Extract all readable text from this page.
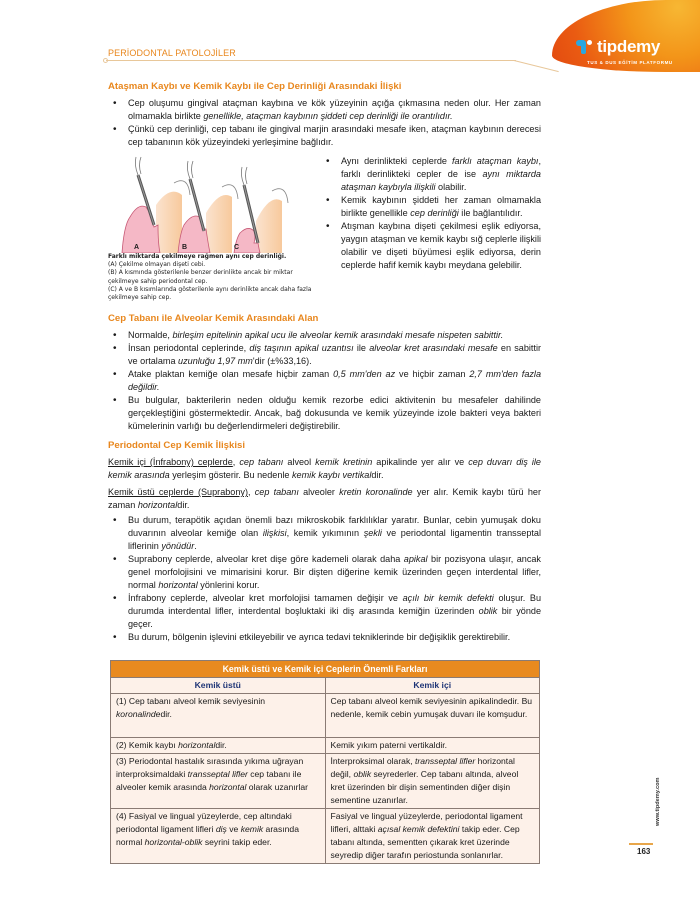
tipdemy
TUS & DUS EĞİTİM PLATFORMU
PERİODONTAL PATOLOJİLER
Ataşman Kaybı ve Kemik Kaybı ile Cep Derinliği Arasındaki İlişki
• Cep oluşumu gingival ataçman kaybına ve kök yüzeyinin açığa çıkmasına neden olur. Her zaman olmamakla birlikte genellikle, ataçman kaybının şiddeti cep derinliği ile orantılıdır.
• Çünkü cep derinliği, cep tabanı ile gingival marjin arasındaki mesafe iken, ataçman kaybının derecesi cep tabanının kök yüzeyindeki yerleşimine bağlıdır.
A	B	C
Farklı miktarda çekilmeye rağmen aynı cep derinliği.
(A) Çekilme olmayan dişeti cebi.
(B) A kısmında gösterilenle benzer derinlikte ancak bir miktar çekilmeye sahip periodontal cep.
(C) A ve B kısımlarında gösterilenle aynı derinlikte ancak daha fazla çekilmeye sahip cep.
• Aynı derinlikteki ceplerde farklı ataçman kaybı, farklı derinlikteki cepler de ise aynı miktarda ataşman kaybıyla ilişkili olabilir.
• Kemik kaybının şiddeti her zaman olmamakla birlikte genellikle cep derinliği ile bağlantılıdır.
• Atışman kaybına dişeti çekilmesi eşlik ediyorsa, yaygın ataşman ve kemik kaybı sığ ceplerle ilişkili olabilir ve dişeti büyümesi eşlik ediyorsa, derin ceplerde hafif kemik kaybı meydana gelebilir.
Cep Tabanı ile Alveolar Kemik Arasındaki Alan
• Normalde, birleşim epitelinin apikal ucu ile alveolar kemik arasındaki mesafe nispeten sabittir.
• İnsan periodontal ceplerinde, diş taşının apikal uzantısı ile alveolar kret arasındaki mesafe en sabittir ve ortalama uzunluğu 1,97 mm'dir (±%33,16).
• Atake plaktan kemiğe olan mesafe hiçbir zaman 0,5 mm'den az ve hiçbir zaman 2,7 mm'den fazla değildir.
• Bu bulgular, bakterilerin neden olduğu kemik rezorbe edici aktivitenin bu mesafeler dahilinde gerçekleştiğini göstermektedir. Ancak, bağ dokusunda ve kemik yüzeyinde izole bakteri veya bakteri kümelerinin varlığı bu değerlendirmeleri değiştirebilir.
Periodontal Cep Kemik İlişkisi
Kemik içi (İnfrabony) ceplerde, cep tabanı alveol kemik kretinin apikalinde yer alır ve cep duvarı diş ile kemik arasında yerleşim gösterir. Bu nedenle kemik kaybı vertikaldir.
Kemik üstü ceplerde (Suprabony), cep tabanı alveoler kretin koronalinde yer alır. Kemik kaybı türü her zaman horizontaldir.
• Bu durum, terapötik açıdan önemli bazı mikroskobik farklılıklar yaratır. Bunlar, cebin yumuşak doku duvarının alveolar kemiğe olan ilişkisi, kemik yıkımının şekli ve periodontal ligamentin transseptal liflerinin yönüdür.
• Suprabony ceplerde, alveolar kret dişe göre kademeli olarak daha apikal bir pozisyona ulaşır, ancak genel morfolojisini ve mimarisini korur. Bir dişten diğerine kemik üzerinden geçen interdental lifler, normal horizontal yönlerini korur.
• İnfrabony ceplerde, alveolar kret morfolojisi tamamen değişir ve açılı bir kemik defekti oluşur. Bu durumda interdental lifler, interdental boşluktaki iki diş arasında kemiğin üzerinden oblik bir yönde geçer.
• Bu durum, bölgenin işlevini etkileyebilir ve ayrıca tedavi tekniklerinde bir değişiklik gerektirebilir.
Kemik üstü ve Kemik içi Ceplerin Önemli Farkları	
Kemik üstü	Kemik içi
(1) Cep tabanı alveol kemik seviyesinin koronalindedir.	Cep tabanı alveol kemik seviyesinin apikalindedir. Bu nedenle, kemik cebin yumuşak duvarı ile komşudur.
(2) Kemik kaybı horizontaldir.	Kemik yıkım paterni vertikaldir.
(3) Periodontal hastalık sırasında yıkıma uğrayan interproksimaldaki transseptal lifler cep tabanı ile alveoler kemik arasında horizontal olarak uzanırlar	İnterproksimal olarak, transseptal lifler horizontal değil, oblik seyrederler. Cep tabanı altında, alveol kret üzerinden bir dişin sementinden diğer dişin sementine uzanırlar.
(4) Fasiyal ve lingual yüzeylerde, cep altındaki periodontal ligament lifleri diş ve kemik arasında normal horizontal-oblik seyrini takip eder.	Fasiyal ve lingual yüzeylerde, periodontal ligament lifleri, alttaki açısal kemik defektini takip eder. Cep tabanı altında, sementten çıkarak kret üzerinde seyredip diğer tarafın periostunda sonlanırlar.
www.tipdemy.com
163
